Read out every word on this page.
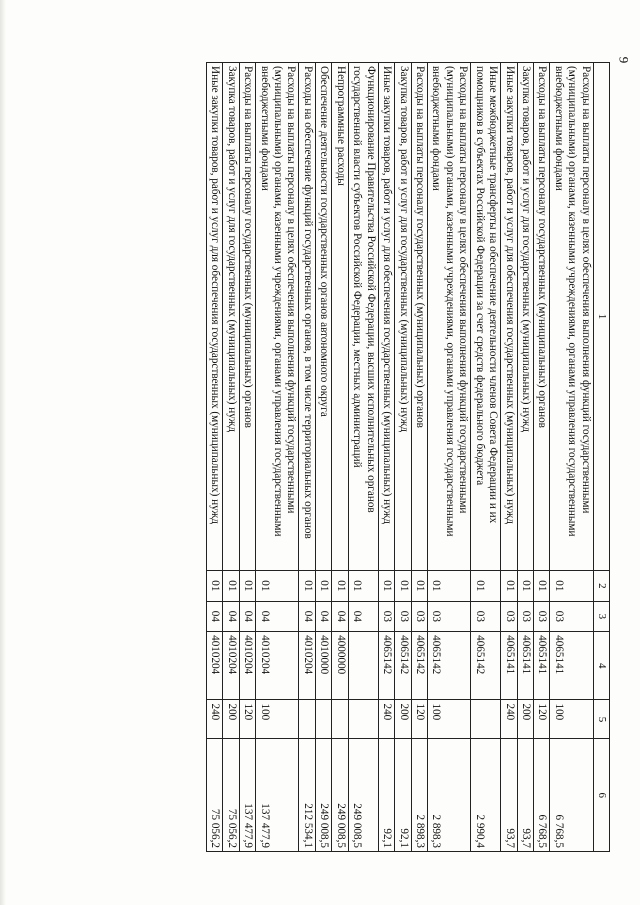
9
1	2	3	4	5	6
Расходы на выплаты персоналу в целях обеспечения выполнения функций государственными (муниципальными) органами, казенными учреждениями, органами управления государственными внебюджетными фондами	01	03	4065141	100	6 768,5
Расходы на выплаты персоналу государственных (муниципальных) органов	01	03	4065141	120	6 768,5
Закупка товаров, работ и услуг для государственных (муниципальных) нужд	01	03	4065141	200	93,7
Иные закупки товаров, работ и услуг для обеспечения государственных (муниципальных) нужд	01	03	4065141	240	93,7
Иные межбюджетные трансферты на обеспечение деятельности членов Совета Федерации и их помощников в субъектах Российской Федерации за счет средств федерального бюджета	01	03	4065142		2 990,4
Расходы на выплаты персоналу в целях обеспечения выполнения функций государственными (муниципальными) органами, казенными учреждениями, органами управления государственными внебюджетными фондами	01	03	4065142	100	2 898,3
Расходы на выплаты персоналу государственных (муниципальных) органов	01	03	4065142	120	2 898,3
Закупка товаров, работ и услуг для государственных (муниципальных) нужд	01	03	4065142	200	92,1
Иные закупки товаров, работ и услуг для обеспечения государственных (муниципальных) нужд	01	03	4065142	240	92,1
Функционирование Правительства Российской Федерации, высших исполнительных органов государственной власти субъектов Российской Федерации, местных администраций	01	04			249 008,5
Непрограммные расходы	01	04	4000000		249 008,5
Обеспечение деятельности государственных органов автономного округа	01	04	4010000		249 008,5
Расходы на обеспечение функций государственных органов, в том числе территориальных органов	01	04	4010204		212 534,1
Расходы на выплаты персоналу в целях обеспечения выполнения функций государственными (муниципальными) органами, казенными учреждениями, органами управления государственными внебюджетными фондами	01	04	4010204	100	137 477,9
Расходы на выплаты персоналу государственных (муниципальных) органов	01	04	4010204	120	137 477,9
Закупка товаров, работ и услуг для государственных (муниципальных) нужд	01	04	4010204	200	75 056,2
Иные закупки товаров, работ и услуг для обеспечения государственных (муниципальных) нужд	01	04	4010204	240	75 056,2
